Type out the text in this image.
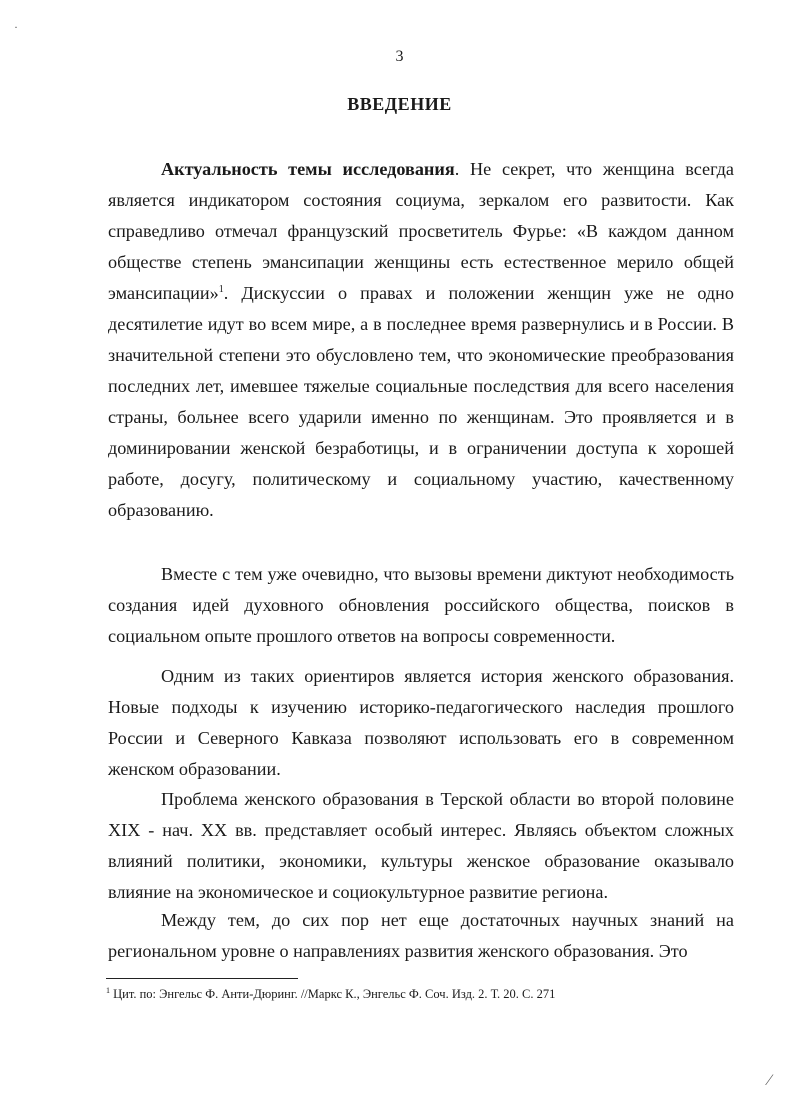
3
ВВЕДЕНИЕ

Актуальность темы исследования. Не секрет, что женщина всегда является индикатором состояния социума, зеркалом его развитости. Как справедливо отмечал французский просветитель Фурье: «В каждом данном обществе степень эмансипации женщины есть естественное мерило общей эмансипации»$^1$. Дискуссии о правах и положении женщин уже не одно десятилетие идут во всем мире, а в последнее время развернулись и в России. В значительной степени это обусловлено тем, что экономические преобразования последних лет, имевшее тяжелые социальные последствия для всего населения страны, больнее всего ударили именно по женщинам. Это проявляется и в доминировании женской безработицы, и в ограничении доступа к хорошей работе, досугу, политическому и социальному участию, качественному образованию.

Вместе с тем уже очевидно, что вызовы времени диктуют необходимость создания идей духовного обновления российского общества, поисков в социальном опыте прошлого ответов на вопросы современности.

Одним из таких ориентиров является история женского образования. Новые подходы к изучению историко-педагогического наследия прошлого России и Северного Кавказа позволяют использовать его в современном женском образовании.

Проблема женского образования в Терской области во второй половине XIX - нач. XX вв. представляет особый интерес. Являясь объектом сложных влияний политики, экономики, культуры женское образование оказывало влияние на экономическое и социокультурное развитие региона.

Между тем, до сих пор нет еще достаточных научных знаний на региональном уровне о направлениях развития женского образования. Это

$^1$ Цит. по: Энгельс Ф. Анти-Дюринг. //Маркс К., Энгельс Ф. Соч. Изд. 2. Т. 20. С. 271
·
⁄
